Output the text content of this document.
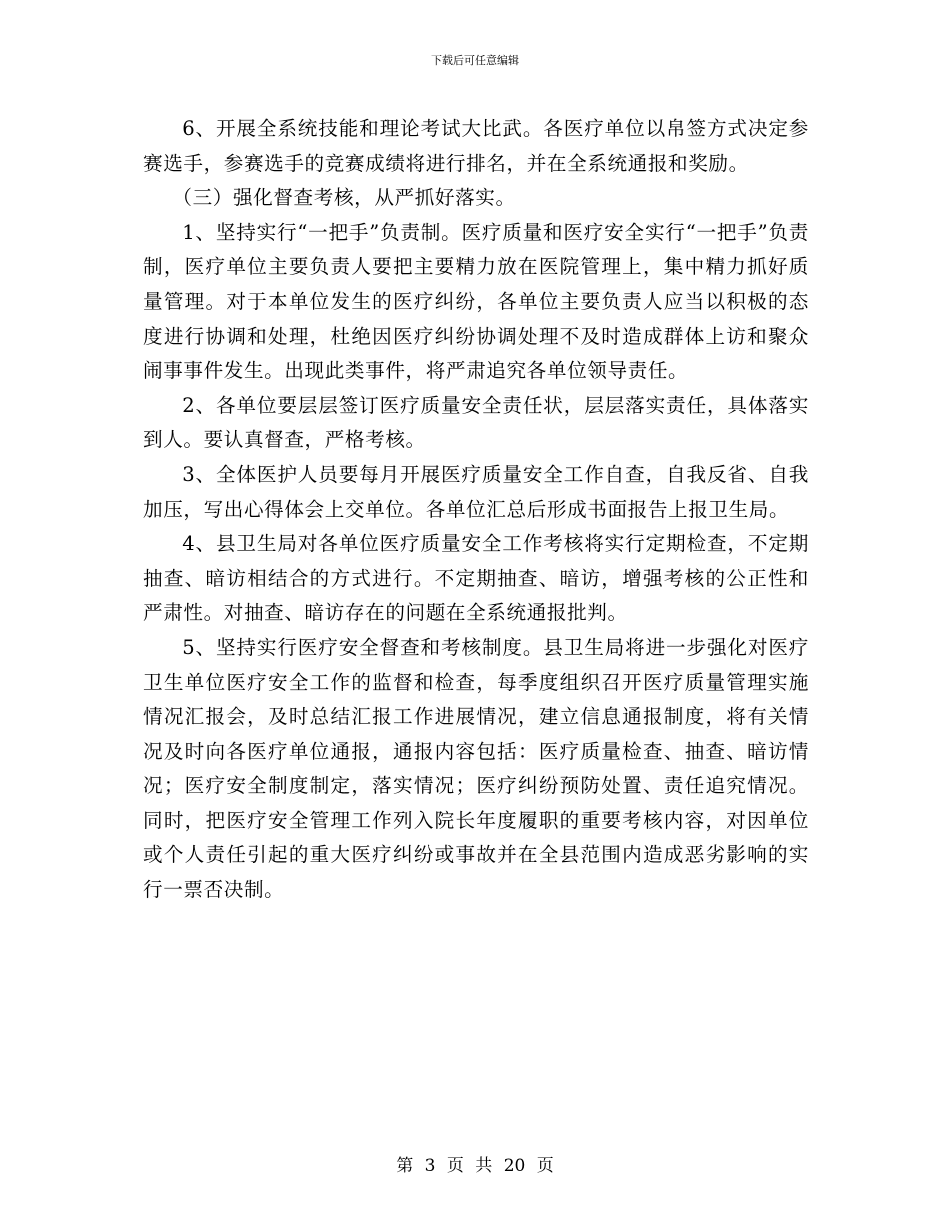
下载后可任意编辑

6、开展全系统技能和理论考试大比武。各医疗单位以帛签方式决定参赛选手，参赛选手的竞赛成绩将进行排名，并在全系统通报和奖励。

（三）强化督查考核，从严抓好落实。

1、坚持实行“一把手”负责制。医疗质量和医疗安全实行“一把手”负责制，医疗单位主要负责人要把主要精力放在医院管理上，集中精力抓好质量管理。对于本单位发生的医疗纠纷，各单位主要负责人应当以积极的态度进行协调和处理，杜绝因医疗纠纷协调处理不及时造成群体上访和聚众闹事事件发生。出现此类事件，将严肃追究各单位领导责任。

2、各单位要层层签订医疗质量安全责任状，层层落实责任，具体落实到人。要认真督查，严格考核。

3、全体医护人员要每月开展医疗质量安全工作自查，自我反省、自我加压，写出心得体会上交单位。各单位汇总后形成书面报告上报卫生局。

4、县卫生局对各单位医疗质量安全工作考核将实行定期检查，不定期抽查、暗访相结合的方式进行。不定期抽查、暗访，增强考核的公正性和严肃性。对抽查、暗访存在的问题在全系统通报批判。

5、坚持实行医疗安全督查和考核制度。县卫生局将进一步强化对医疗卫生单位医疗安全工作的监督和检查，每季度组织召开医疗质量管理实施情况汇报会，及时总结汇报工作进展情况，建立信息通报制度，将有关情况及时向各医疗单位通报，通报内容包括：医疗质量检查、抽查、暗访情况；医疗安全制度制定，落实情况；医疗纠纷预防处置、责任追究情况。同时，把医疗安全管理工作列入院长年度履职的重要考核内容，对因单位或个人责任引起的重大医疗纠纷或事故并在全县范围内造成恶劣影响的实行一票否决制。

第 3 页 共 20 页
